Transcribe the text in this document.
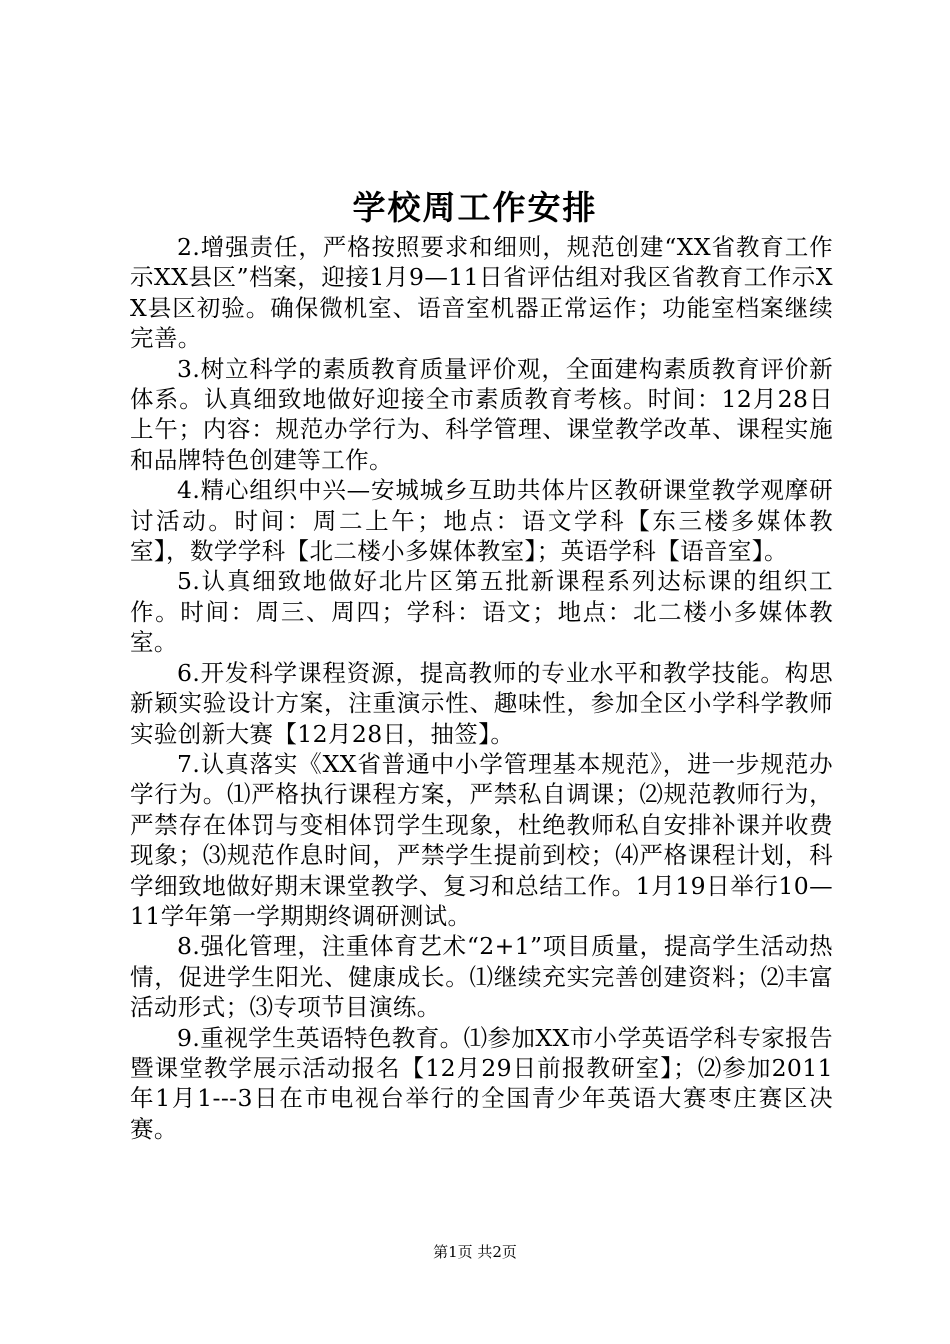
学校周工作安排

2.增强责任，严格按照要求和细则，规范创建“XX省教育工作示XX县区”档案，迎接1月9—11日省评估组对我区省教育工作示XX县区初验。确保微机室、语音室机器正常运作；功能室档案继续完善。

3.树立科学的素质教育质量评价观，全面建构素质教育评价新体系。认真细致地做好迎接全市素质教育考核。时间：12月28日上午；内容：规范办学行为、科学管理、课堂教学改革、课程实施和品牌特色创建等工作。

4.精心组织中兴—安城城乡互助共体片区教研课堂教学观摩研讨活动。时间：周二上午；地点：语文学科【东三楼多媒体教室】，数学学科【北二楼小多媒体教室】；英语学科【语音室】。

5.认真细致地做好北片区第五批新课程系列达标课的组织工作。时间：周三、周四；学科：语文；地点：北二楼小多媒体教室。

6.开发科学课程资源，提高教师的专业水平和教学技能。构思新颖实验设计方案，注重演示性、趣味性，参加全区小学科学教师实验创新大赛【12月28日，抽签】。

7.认真落实《XX省普通中小学管理基本规范》，进一步规范办学行为。⑴严格执行课程方案，严禁私自调课；⑵规范教师行为，严禁存在体罚与变相体罚学生现象，杜绝教师私自安排补课并收费现象；⑶规范作息时间，严禁学生提前到校；⑷严格课程计划，科学细致地做好期末课堂教学、复习和总结工作。1月19日举行10—11学年第一学期期终调研测试。

8.强化管理，注重体育艺术“2+1”项目质量，提高学生活动热情，促进学生阳光、健康成长。⑴继续充实完善创建资料；⑵丰富活动形式；⑶专项节目演练。

9.重视学生英语特色教育。⑴参加XX市小学英语学科专家报告暨课堂教学展示活动报名【12月29日前报教研室】；⑵参加2011年1月1---3日在市电视台举行的全国青少年英语大赛枣庄赛区决赛。

第1页 共2页
